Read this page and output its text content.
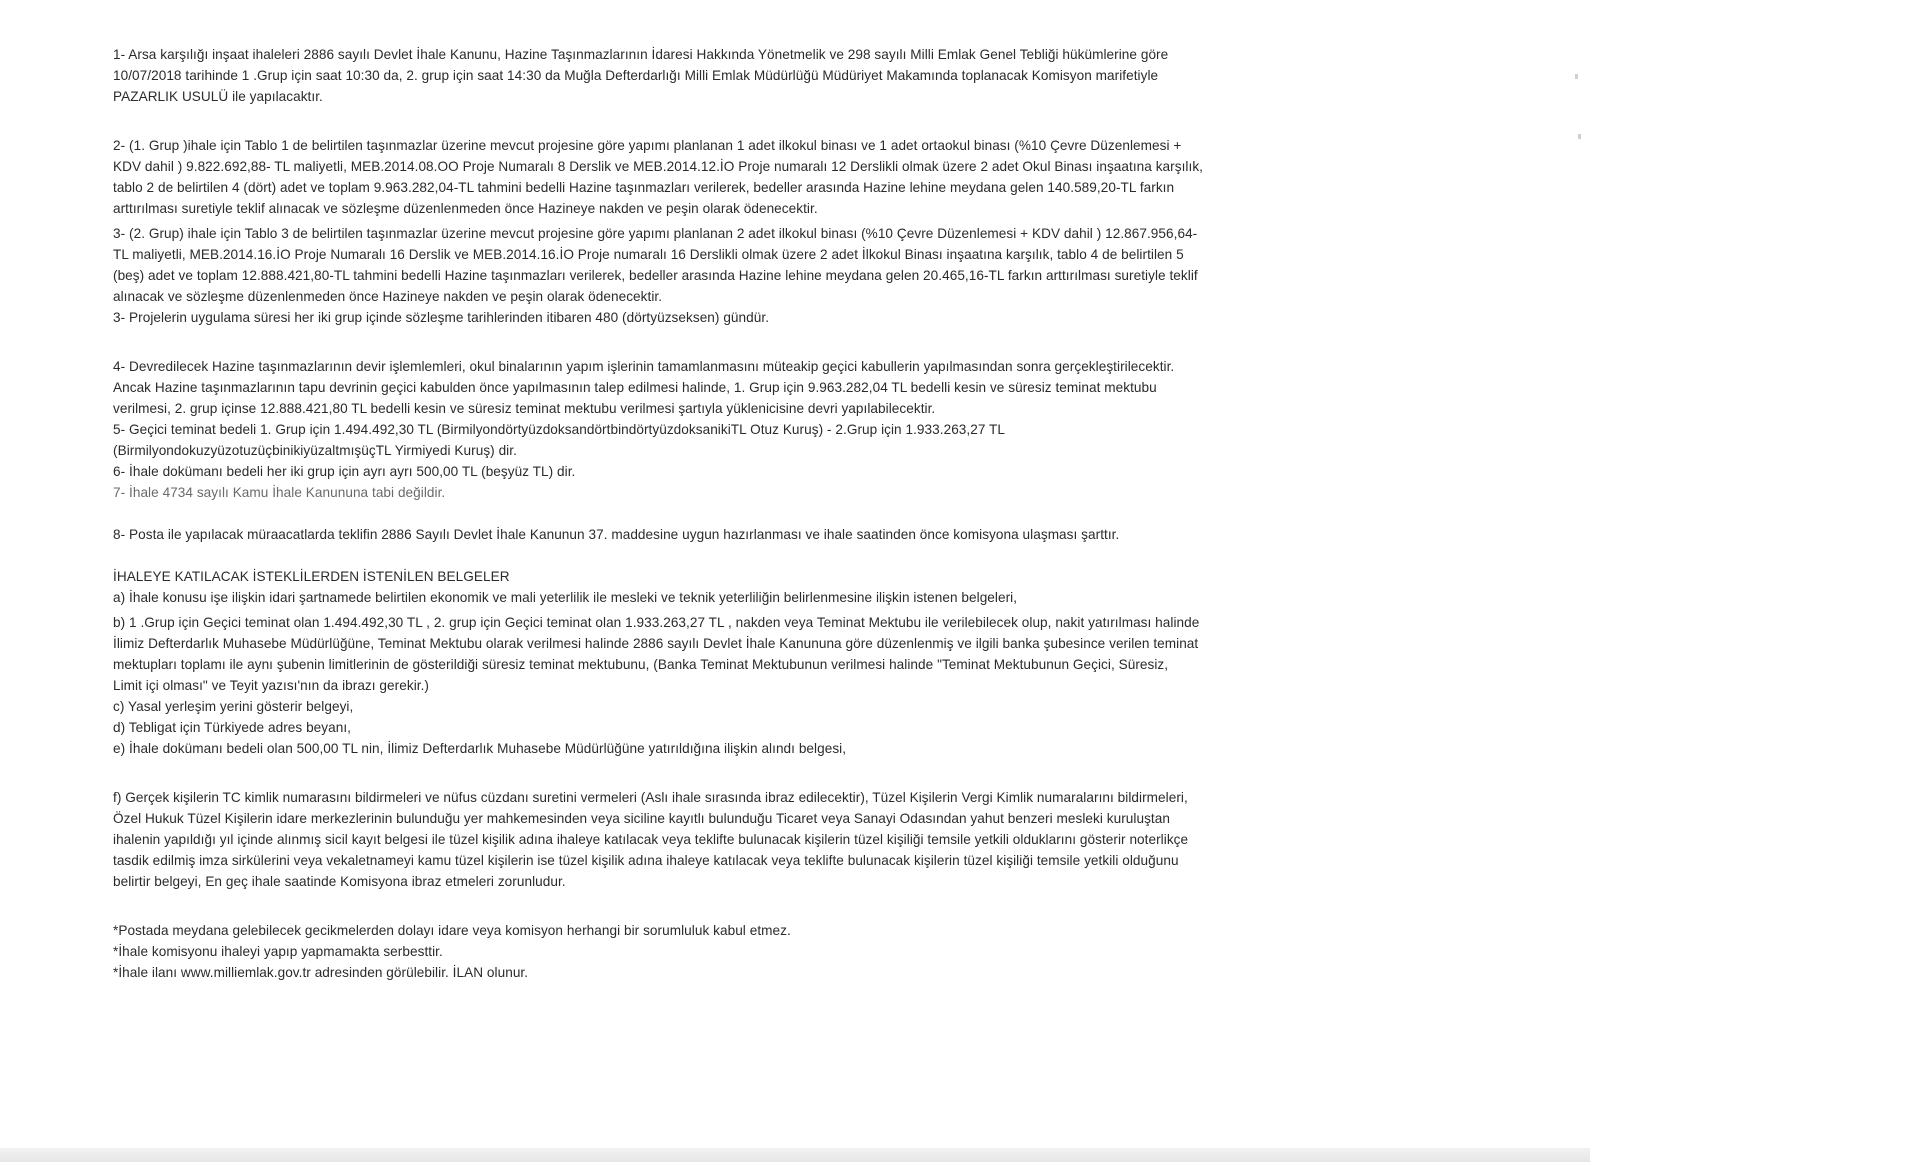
1- Arsa karşılığı inşaat ihaleleri 2886 sayılı Devlet İhale Kanunu, Hazine Taşınmazlarının İdaresi Hakkında Yönetmelik ve 298 sayılı Milli Emlak Genel Tebliği hükümlerine göre
10/07/2018 tarihinde 1 .Grup için saat 10:30 da, 2. grup için saat 14:30 da Muğla Defterdarlığı Milli Emlak Müdürlüğü Müdüriyet Makamında toplanacak Komisyon marifetiyle
PAZARLIK USULÜ ile yapılacaktır.

2- (1. Grup )ihale için Tablo 1 de belirtilen taşınmazlar üzerine mevcut projesine göre yapımı planlanan 1 adet ilkokul binası ve 1 adet ortaokul binası (%10 Çevre Düzenlemesi +
KDV dahil ) 9.822.692,88- TL maliyetli, MEB.2014.08.OO Proje Numaralı 8 Derslik ve MEB.2014.12.İO Proje numaralı 12 Derslikli olmak üzere 2 adet Okul Binası inşaatına karşılık,
tablo 2 de belirtilen 4 (dört) adet ve toplam 9.963.282,04-TL tahmini bedelli Hazine taşınmazları verilerek, bedeller arasında Hazine lehine meydana gelen 140.589,20-TL farkın
arttırılması suretiyle teklif alınacak ve sözleşme düzenlenmeden önce Hazineye nakden ve peşin olarak ödenecektir.

3- (2. Grup) ihale için Tablo 3 de belirtilen taşınmazlar üzerine mevcut projesine göre yapımı planlanan 2 adet ilkokul binası (%10 Çevre Düzenlemesi + KDV dahil ) 12.867.956,64-
TL maliyetli, MEB.2014.16.İO Proje Numaralı 16 Derslik ve MEB.2014.16.İO Proje numaralı 16 Derslikli olmak üzere 2 adet İlkokul Binası inşaatına karşılık, tablo 4 de belirtilen 5
(beş) adet ve toplam 12.888.421,80-TL tahmini bedelli Hazine taşınmazları verilerek, bedeller arasında Hazine lehine meydana gelen 20.465,16-TL farkın arttırılması suretiyle teklif
alınacak ve sözleşme düzenlenmeden önce Hazineye nakden ve peşin olarak ödenecektir.
3- Projelerin uygulama süresi her iki grup içinde sözleşme tarihlerinden itibaren 480 (dörtyüzseksen) gündür.

4- Devredilecek Hazine taşınmazlarının devir işlemlemleri, okul binalarının yapım işlerinin tamamlanmasını müteakip geçici kabullerin yapılmasından sonra gerçekleştirilecektir.
Ancak Hazine taşınmazlarının tapu devrinin geçici kabulden önce yapılmasının talep edilmesi halinde, 1. Grup için 9.963.282,04 TL bedelli kesin ve süresiz teminat mektubu
verilmesi, 2. grup içinse 12.888.421,80 TL bedelli kesin ve süresiz teminat mektubu verilmesi şartıyla yüklenicisine devri yapılabilecektir.
5- Geçici teminat bedeli 1. Grup için 1.494.492,30 TL (BirmilyondörtyüzdoksandörtbindörtyüzdoksanikiTL Otuz Kuruş) - 2.Grup için 1.933.263,27 TL
(BirmilyondokuzyüzotuzüçbinikiyüzaltmışüçTL Yirmiyedi Kuruş) dir.
6- İhale dokümanı bedeli her iki grup için ayrı ayrı 500,00 TL (beşyüz TL) dir.
7- İhale 4734 sayılı Kamu İhale Kanununa tabi değildir.

8- Posta ile yapılacak müraacatlarda teklifin 2886 Sayılı Devlet İhale Kanunun 37. maddesine uygun hazırlanması ve ihale saatinden önce komisyona ulaşması şarttır.

İHALEYE KATILACAK İSTEKLİLERDEN İSTENİLEN BELGELER
a) İhale konusu işe ilişkin idari şartnamede belirtilen ekonomik ve mali yeterlilik ile mesleki ve teknik yeterliliğin belirlenmesine ilişkin istenen belgeleri,

b) 1 .Grup için Geçici teminat olan 1.494.492,30 TL , 2. grup için Geçici teminat olan 1.933.263,27 TL , nakden veya Teminat Mektubu ile verilebilecek olup, nakit yatırılması halinde
İlimiz Defterdarlık Muhasebe Müdürlüğüne, Teminat Mektubu olarak verilmesi halinde 2886 sayılı Devlet İhale Kanununa göre düzenlenmiş ve ilgili banka şubesince verilen teminat
mektupları toplamı ile aynı şubenin limitlerinin de gösterildiği süresiz teminat mektubunu, (Banka Teminat Mektubunun verilmesi halinde "Teminat Mektubunun Geçici, Süresiz,
Limit içi olması" ve Teyit yazısı'nın da ibrazı gerekir.)
c) Yasal yerleşim yerini gösterir belgeyi,
d) Tebligat için Türkiyede adres beyanı,
e) İhale dokümanı bedeli olan 500,00 TL nin, İlimiz Defterdarlık Muhasebe Müdürlüğüne yatırıldığına ilişkin alındı belgesi,

f) Gerçek kişilerin TC kimlik numarasını bildirmeleri ve nüfus cüzdanı suretini vermeleri (Aslı ihale sırasında ibraz edilecektir), Tüzel Kişilerin Vergi Kimlik numaralarını bildirmeleri,
Özel Hukuk Tüzel Kişilerin idare merkezlerinin bulunduğu yer mahkemesinden veya siciline kayıtlı bulunduğu Ticaret veya Sanayi Odasından yahut benzeri mesleki kuruluştan
ihalenin yapıldığı yıl içinde alınmış sicil kayıt belgesi ile tüzel kişilik adına ihaleye katılacak veya teklifte bulunacak kişilerin tüzel kişiliği temsile yetkili olduklarını gösterir noterlikçe
tasdik edilmiş imza sirkülerini veya vekaletnameyi kamu tüzel kişilerin ise tüzel kişilik adına ihaleye katılacak veya teklifte bulunacak kişilerin tüzel kişiliği temsile yetkili olduğunu
belirtir belgeyi, En geç ihale saatinde Komisyona ibraz etmeleri zorunludur.

*Postada meydana gelebilecek gecikmelerden dolayı idare veya komisyon herhangi bir sorumluluk kabul etmez.
*İhale komisyonu ihaleyi yapıp yapmamakta serbesttir.
*İhale ilanı www.milliemlak.gov.tr adresinden görülebilir. İLAN olunur.
